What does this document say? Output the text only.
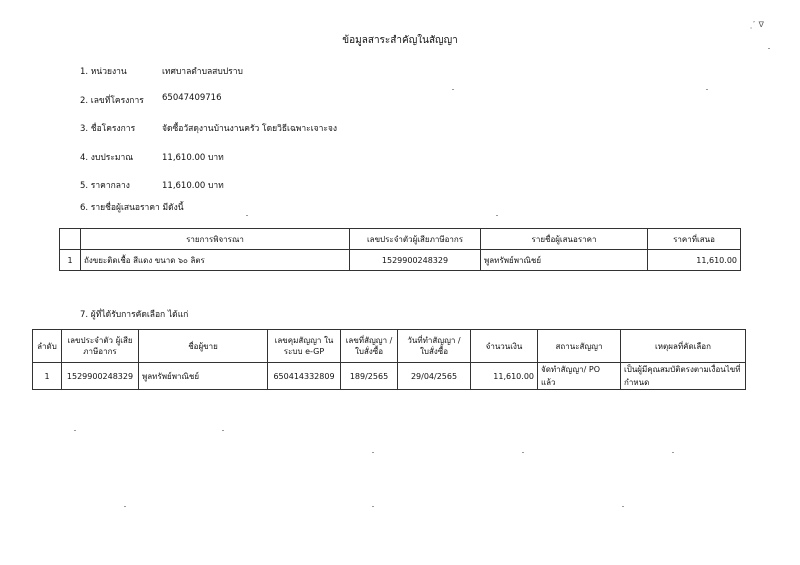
ฺ᾽ ᐁ
ข้อมูลสาระสำคัญในสัญญา
1. หน่วยงาน	เทศบาลตำบลสบปราบ
2. เลขที่โครงการ 65047409716
3. ชื่อโครงการ	จัดซื้อวัสดุงานบ้านงานครัว โดยวิธีเฉพาะเจาะจง
4. งบประมาณ	11,610.00 บาท
5. ราคากลาง	11,610.00 บาท
6. รายชื่อผู้เสนอราคา มีดังนี้
	รายการพิจารณา	เลขประจำตัวผู้เสียภาษีอากร	รายชื่อผู้เสนอราคา	ราคาที่เสนอ
1	ถังขยะติดเชื้อ สีแดง ขนาด ๖๐ ลิตร	1529900248329	พูลทรัพย์พาณิชย์	11,610.00
7. ผู้ที่ได้รับการคัดเลือก ได้แก่
ลำดับ	เลขประจำตัว ผู้เสียภาษีอากร	ชื่อผู้ขาย	เลขคุมสัญญา ในระบบ e-GP	เลขที่สัญญา / ใบสั่งซื้อ	วันที่ทำสัญญา / ใบสั่งซื้อ	จำนวนเงิน	สถานะสัญญา	เหตุผลที่คัดเลือก
1	1529900248329	พูลทรัพย์พาณิชย์	650414332809	189/2565	29/04/2565	11,610.00	จัดทำสัญญา/ PO แล้ว	เป็นผู้มีคุณสมบัติตรงตามเงื่อนไขที่กำหนด
